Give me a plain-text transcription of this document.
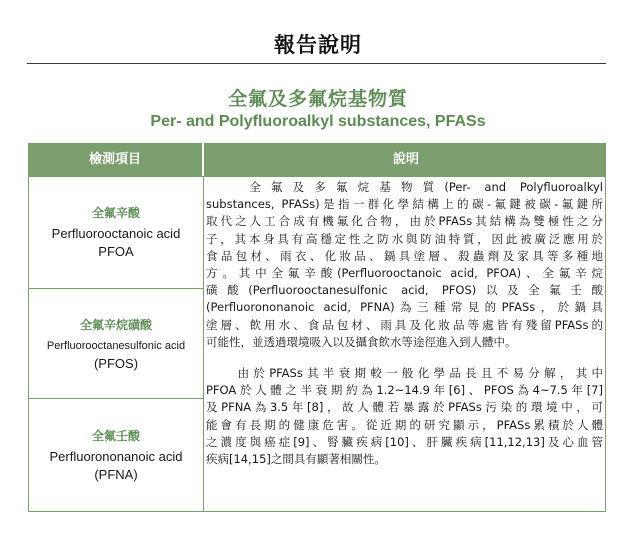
報告說明
全氟及多氟烷基物質
Per- and Polyfluoroalkyl substances, PFASs
檢測項目	說明
全氟辛酸
Perfluorooctanoic acid
PFOA
全氟辛烷磺酸
Perfluorooctanesulfonic acid
(PFOS)
全氟壬酸
Perfluorononanoic acid
(PFNA)
　　全氟及多氟烷基物質(Per- and Polyfluoroalkyl
substances, PFASs)是指一群化學結構上的碳-氟鍵被碳-氟鍵所
取代之人工合成有機氟化合物，由於PFASs其結構為雙極性之分
子，其本身具有高穩定性之防水與防油特質，因此被廣泛應用於
食品包材、雨衣、化妝品、鍋具塗層、殺蟲劑及家具等多種地
方。其中全氟辛酸(Perfluorooctanoic acid, PFOA)、全氟辛烷
磺酸(Perfluorooctanesulfonic acid, PFOS)以及全氟壬酸
(Perfluorononanoic acid, PFNA)為三種常見的PFASs，於鍋具
塗層、飲用水、食品包材、雨具及化妝品等處皆有殘留PFASs的
可能性，並透過環境吸入以及攝食飲水等途徑進入到人體中。
　　由於PFASs其半衰期較一般化學品長且不易分解，其中
PFOA於人體之半衰期約為1.2~14.9年[6]、PFOS為4~7.5年[7]
及PFNA為3.5年[8]，故人體若暴露於PFASs污染的環境中，可
能會有長期的健康危害。從近期的研究顯示，PFASs累積於人體
之濃度與癌症[9]、腎臟疾病[10]、肝臟疾病[11,12,13]及心血管
疾病[14,15]之間具有顯著相關性。
